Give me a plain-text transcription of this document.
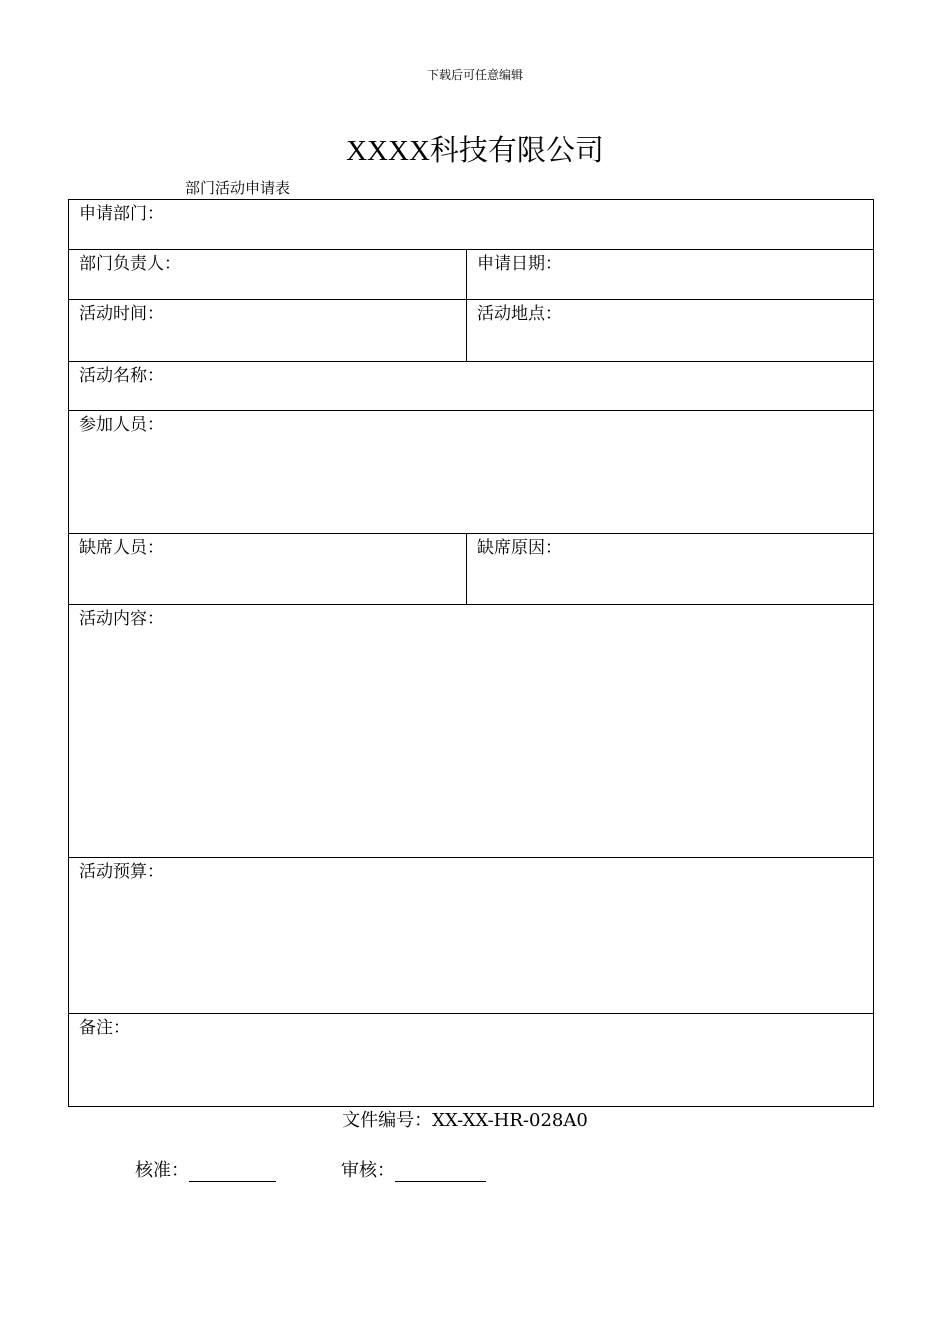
下载后可任意编辑
XXXX科技有限公司
部门活动申请表
申请部门：	
部门负责人：	申请日期：
活动时间：	活动地点：
活动名称：	
参加人员：	
缺席人员：	缺席原因：
活动内容：	
活动预算：	
备注：	
文件编号：XX-XX-HR-028A0
核准：	审核：
